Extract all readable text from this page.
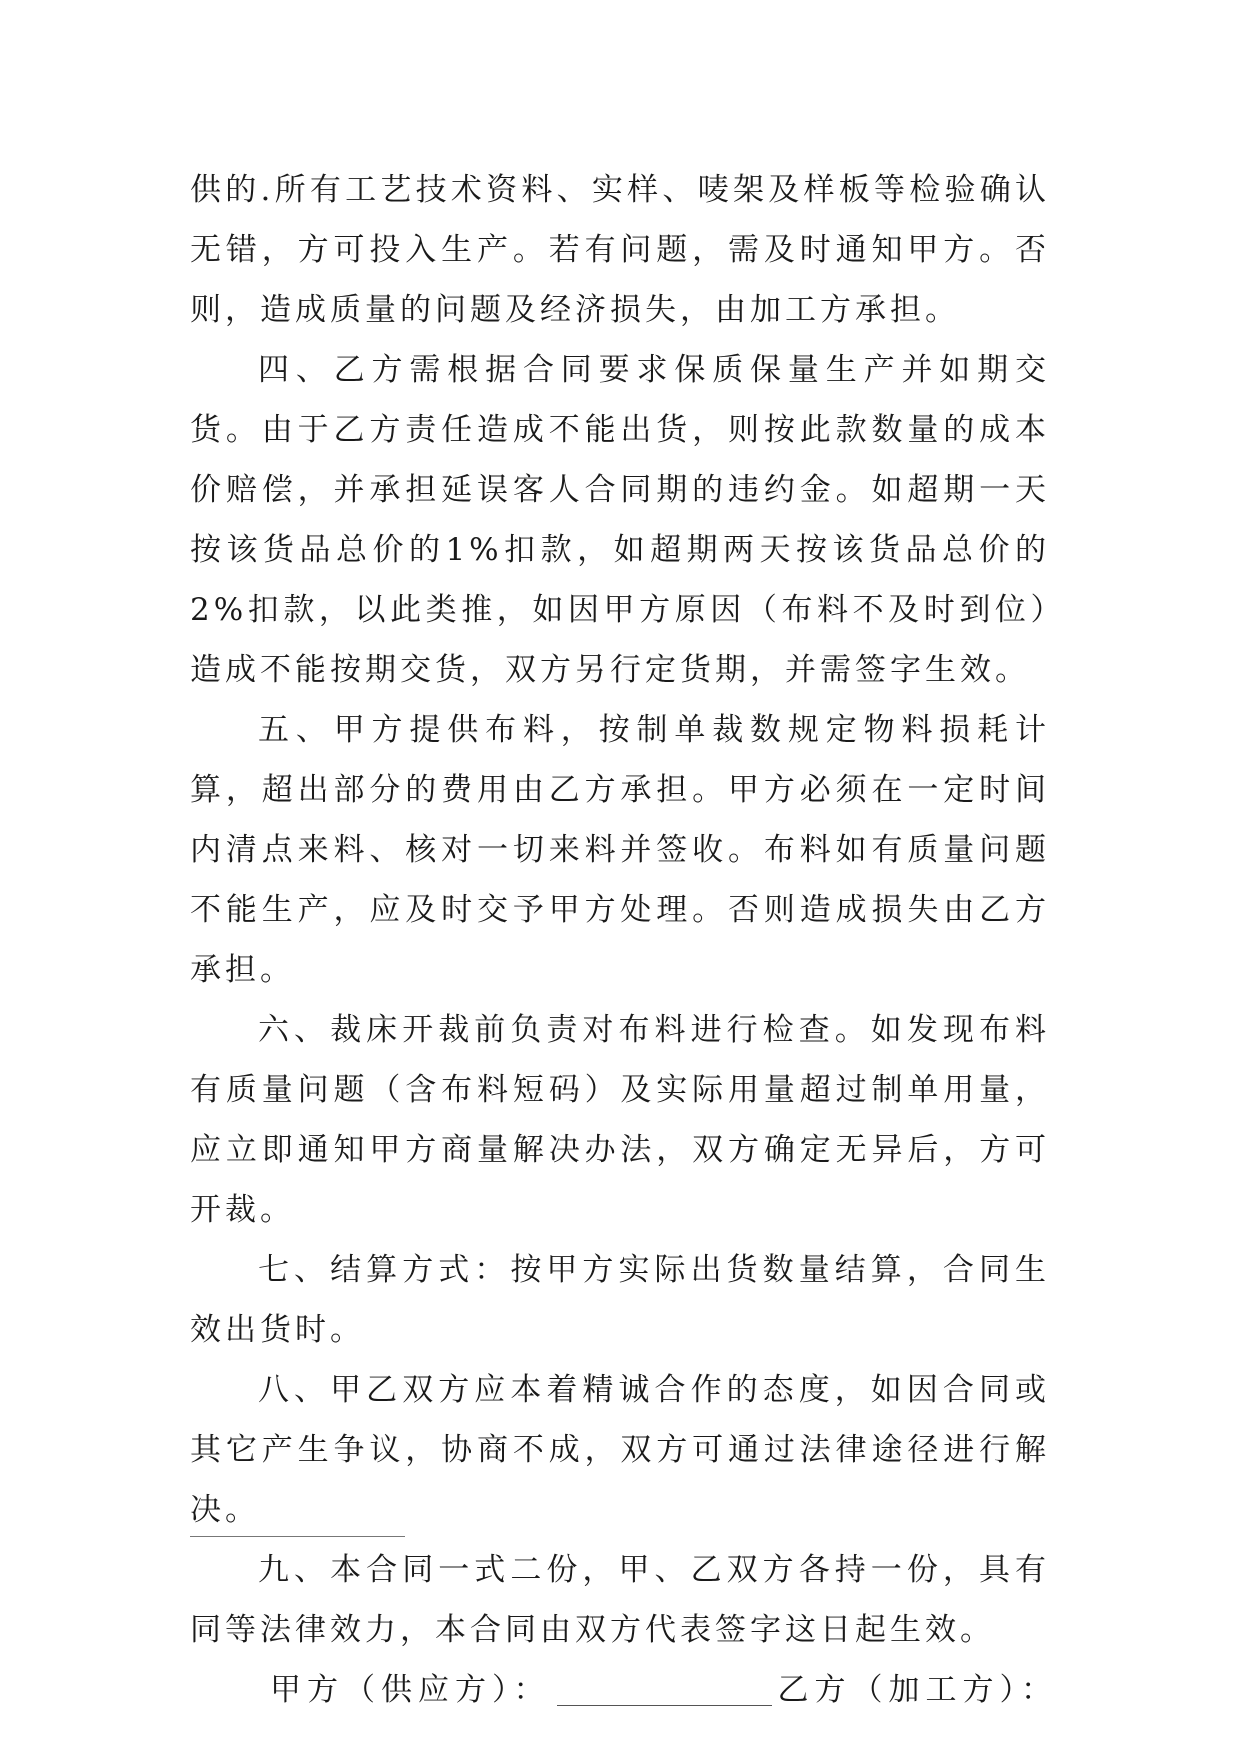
供的.所有工艺技术资料、实样、唛架及样板等检验确认无错，方可投入生产。若有问题，需及时通知甲方。否则，造成质量的问题及经济损失，由加工方承担。

四、乙方需根据合同要求保质保量生产并如期交货。由于乙方责任造成不能出货，则按此款数量的成本价赔偿，并承担延误客人合同期的违约金。如超期一天按该货品总价的1%扣款，如超期两天按该货品总价的 2%扣款，以此类推，如因甲方原因（布料不及时到位）造成不能按期交货，双方另行定货期，并需签字生效。

五、甲方提供布料，按制单裁数规定物料损耗计算，超出部分的费用由乙方承担。甲方必须在一定时间内清点来料、核对一切来料并签收。布料如有质量问题不能生产，应及时交予甲方处理。否则造成损失由乙方承担。

六、裁床开裁前负责对布料进行检查。如发现布料有质量问题（含布料短码）及实际用量超过制单用量，应立即通知甲方商量解决办法，双方确定无异后，方可开裁。

七、结算方式：按甲方实际出货数量结算，合同生效出货时。

八、甲乙双方应本着精诚合作的态度，如因合同或其它产生争议，协商不成，双方可通过法律途径进行解决。

九、本合同一式二份，甲、乙双方各持一份，具有同等法律效力，本合同由双方代表签字这日起生效。

甲方（供应方）：	乙方（加工方）：
